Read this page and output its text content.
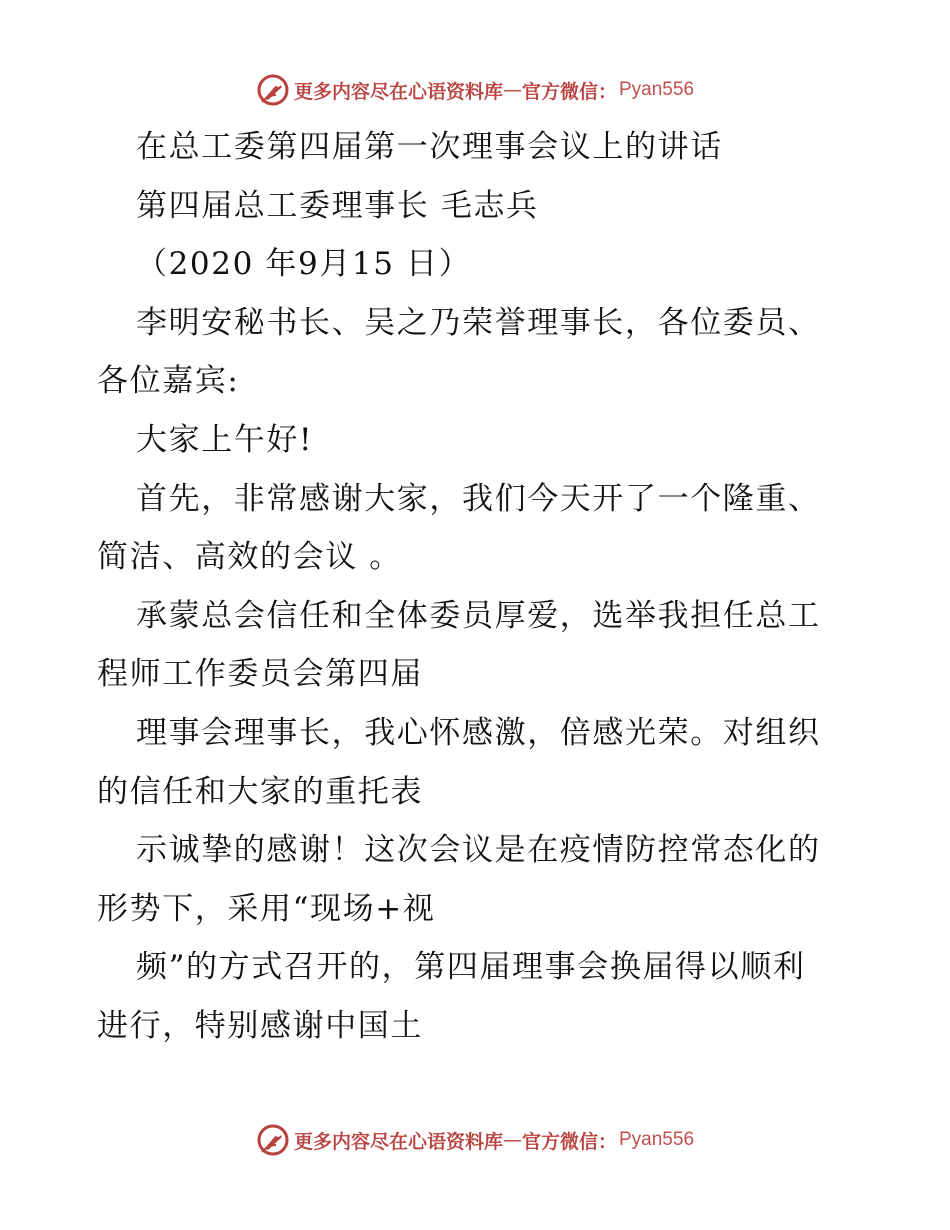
更多内容尽在心语资料库 — 官方微信： Pyan556
在总工委第四届第一次理事会议上的讲话
第四届总工委理事长 毛志兵
（2020 年9月15 日）
李明安秘书长、吴之乃荣誉理事长，各位委员、
各位嘉宾:
大家上午好!
首先，非常感谢大家，我们今天开了一个隆重、
简洁、高效的会议 。
承蒙总会信任和全体委员厚爱，选举我担任总工
程师工作委员会第四届
理事会理事长，我心怀感激，倍感光荣。对组织
的信任和大家的重托表
示诚挚的感谢！这次会议是在疫情防控常态化的
形势下，采用“现场+视
频”的方式召开的，第四届理事会换届得以顺利
进行，特别感谢中国土
更多内容尽在心语资料库 — 官方微信： Pyan556
